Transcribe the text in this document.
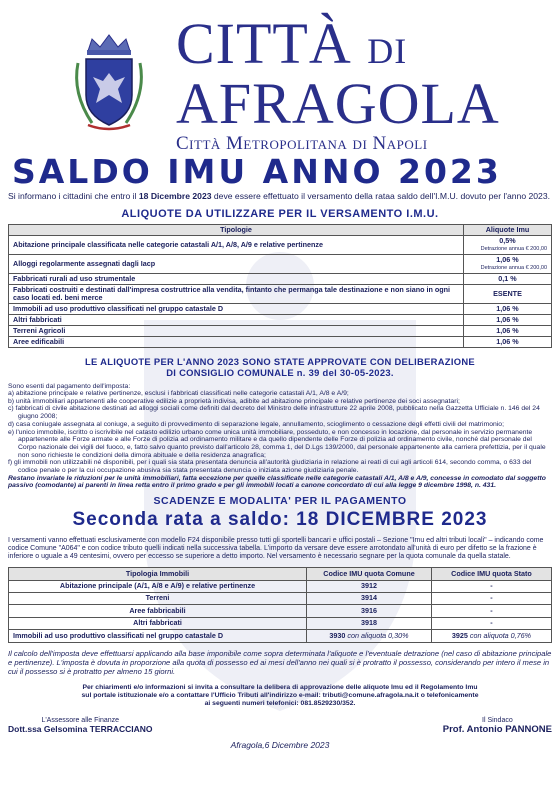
CITTÀ DI
AFRAGOLA
Città Metropolitana di Napoli
SALDO IMU ANNO 2023
Si informano i cittadini che entro il 18 Dicembre 2023 deve essere effettuato il versamento della rataa saldo dell'I.M.U. dovuto per l'anno 2023.
ALIQUOTE DA UTILIZZARE PER IL VERSAMENTO I.M.U.
Tipologie	Aliquote Imu
Abitazione principale classificata nelle categorie catastali A/1, A/8, A/9 e relative pertinenze	0,5%
Detrazione annua € 200,00

Alloggi regolarmente assegnati dagli Iacp	1,06 %
Detrazione annua € 200,00

Fabbricati rurali ad uso strumentale	0,1 %
Fabbricati costruiti e destinati dall'impresa costruttrice alla vendita, fintanto che permanga tale destinazione e non siano in ogni caso locati ed. beni merce	ESENTE
Immobili ad uso produttivo classificati nel gruppo catastale D	1,06 %
Altri fabbricati	1,06 %
Terreni Agricoli	1,06 %
Aree edificabili	1,06 %
LE ALIQUOTE PER L'ANNO 2023 SONO STATE APPROVATE CON DELIBERAZIONE
DI CONSIGLIO COMUNALE n. 39 del 30-05-2023.
Sono esenti dal pagamento dell'imposta:
a) abitazione principale e relative pertinenze, esclusi i fabbricati classificati nelle categorie catastali A/1, A/8 e A/9;
b) unità immobiliari appartenenti alle cooperative edilizie a proprietà indivisa, adibite ad abitazione principale e relative pertinenze dei soci assegnatari;
c) fabbricati di civile abitazione destinati ad alloggi sociali come definiti dal decreto del Ministro delle infrastrutture 22 aprile 2008, pubblicato nella Gazzetta Ufficiale n. 146 del 24 giugno 2008;
d) casa coniugale assegnata al coniuge, a seguito di provvedimento di separazione legale, annullamento, scioglimento o cessazione degli effetti civili del matrimonio;
e) l'unico immobile, iscritto o iscrivibile nel catasto edilizio urbano come unica unità immobiliare, posseduto, e non concesso in locazione, dal personale in servizio permanente appartenente alle Forze armate e alle Forze di polizia ad ordinamento militare e da quello dipendente delle Forze di polizia ad ordinamento civile, nonché dal personale del Corpo nazionale dei vigili del fuoco, e, fatto salvo quanto previsto dall'articolo 28, comma 1, del D.Lgs 139/2000, dal personale appartenente alla carriera prefettizia, per il quale non sono richieste le condizioni della dimora abituale e della residenza anagrafica;
f) gli immobili non utilizzabili né disponibili, per i quali sia stata presentata denuncia all'autorità giudiziaria in relazione ai reati di cui agli articoli 614, secondo comma, o 633 del codice penale o per la cui occupazione abusiva sia stata presentata denuncia o iniziata azione giudiziaria penale.
Restano invariate le riduzioni per le unità immobiliari, fatta eccezione per quelle classificate nelle categorie catastali A/1, A/8 e A/9, concesse in comodato dal soggetto passivo (comodante) ai parenti in linea retta entro il primo grado e per gli immobili locati a canone concordato di cui alla legge 9 dicembre 1998, n. 431.
SCADENZE E MODALITA' PER IL PAGAMENTO
Seconda rata a saldo: 18 DICEMBRE 2023
I versamenti vanno effettuati esclusivamente con modello F24 disponibile presso tutti gli sportelli bancari e uffici postali – Sezione "Imu ed altri tributi locali" – indicando come codice Comune "A064" e con codice tributo quelli indicati nella successiva tabella. L'importo da versare deve essere arrotondato all'unità di euro per difetto se la frazione è inferiore o uguale a 49 centesimi, ovvero per eccesso se superiore a detto importo. Nel versamento è necessario segnare per la quota comunale da quella statale.
Tipologia Immobili	Codice IMU quota Comune	Codice IMU quota Stato
Abitazione principale (A/1, A/8 e A/9) e relative pertinenze	3912	-
Terreni	3914	-
Aree fabbricabili	3916	-
Altri fabbricati	3918	-
Immobili ad uso produttivo classificati nel gruppo catastale D	3930 con aliquota 0,30%	3925 con aliquota 0,76%
Il calcolo dell'imposta deve effettuarsi applicando alla base imponibile come sopra determinata l'aliquote e l'eventuale detrazione (nel caso di abitazione principale e pertinenze). L'imposta è dovuta in proporzione alla quota di possesso ed ai mesi dell'anno nei quali si è protratto il possesso, considerando per intero il mese in cui il possesso si è protratto per almeno 15 giorni.
Per chiarimenti e/o informazioni si invita a consultare la delibera di approvazione delle aliquote Imu ed il Regolamento Imu
sul portale istituzionale e/o a contattare l'Ufficio Tributi all'indirizzo e-mail: tributi@comune.afragola.na.it o telefonicamente
ai seguenti numeri telefonici: 081.8529230/352.
L'Assessore alle Finanze
Dott.ssa Gelsomina TERRACCIANO
Afragola,6 Dicembre 2023
Il Sindaco
Prof. Antonio PANNONE
